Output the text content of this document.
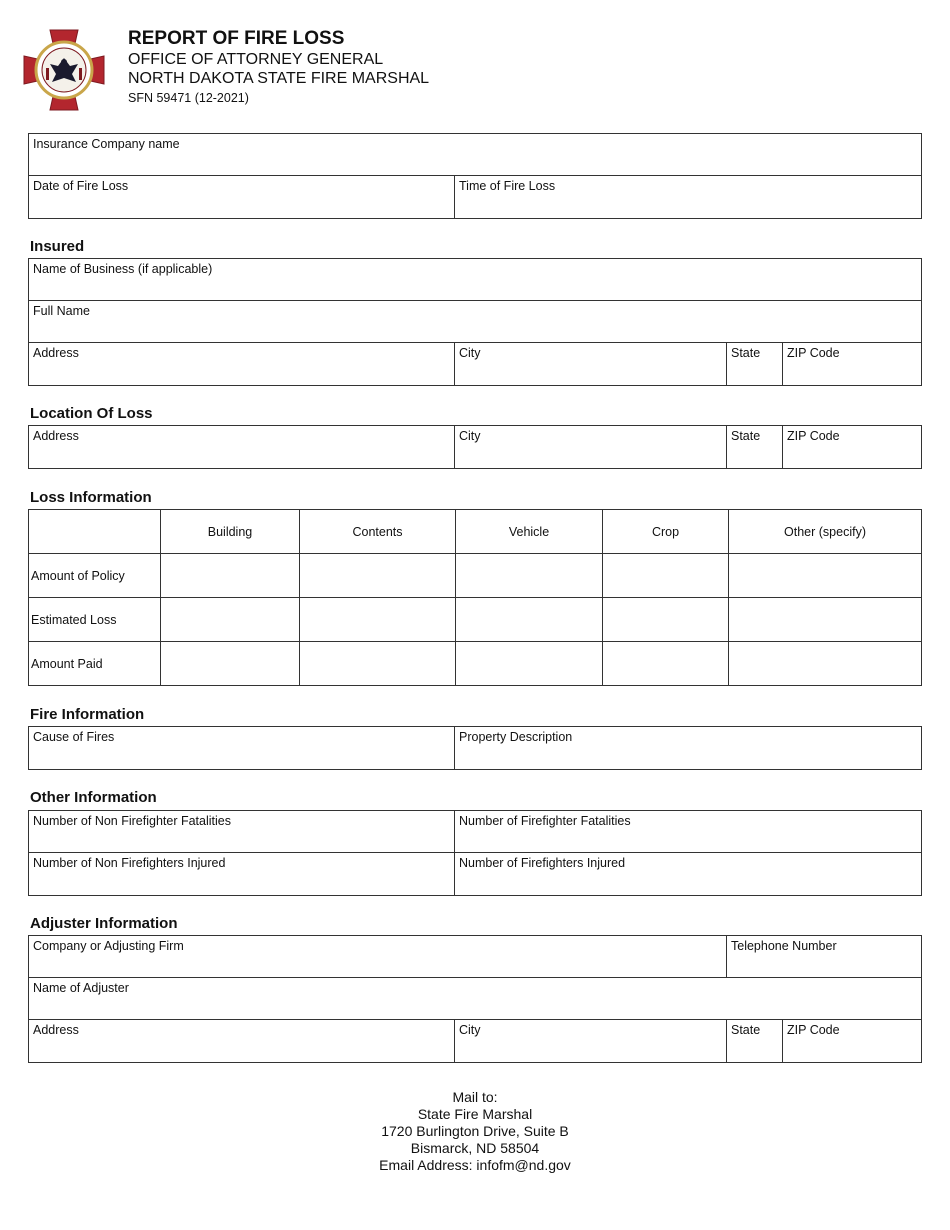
REPORT OF FIRE LOSS
OFFICE OF ATTORNEY GENERAL
NORTH DAKOTA STATE FIRE MARSHAL
SFN 59471 (12-2021)
Insurance Company name
Date of Fire Loss	Time of Fire Loss
Insured
Name of Business (if applicable)
Full Name
Address	City	State	ZIP Code
Location Of Loss
Address	City	State	ZIP Code
Loss Information
	Building	Contents	Vehicle	Crop	Other (specify)
Amount of Policy					
Estimated Loss					
Amount Paid					
Fire Information
Cause of Fires	Property Description
Other Information
Number of Non Firefighter Fatalities	Number of Firefighter Fatalities
Number of Non Firefighters Injured	Number of Firefighters Injured
Adjuster Information
Company or Adjusting Firm	Telephone Number
Name of Adjuster
Address	City	State	ZIP Code
Mail to:
State Fire Marshal
1720 Burlington Drive, Suite B
Bismarck, ND 58504
Email Address: infofm@nd.gov
